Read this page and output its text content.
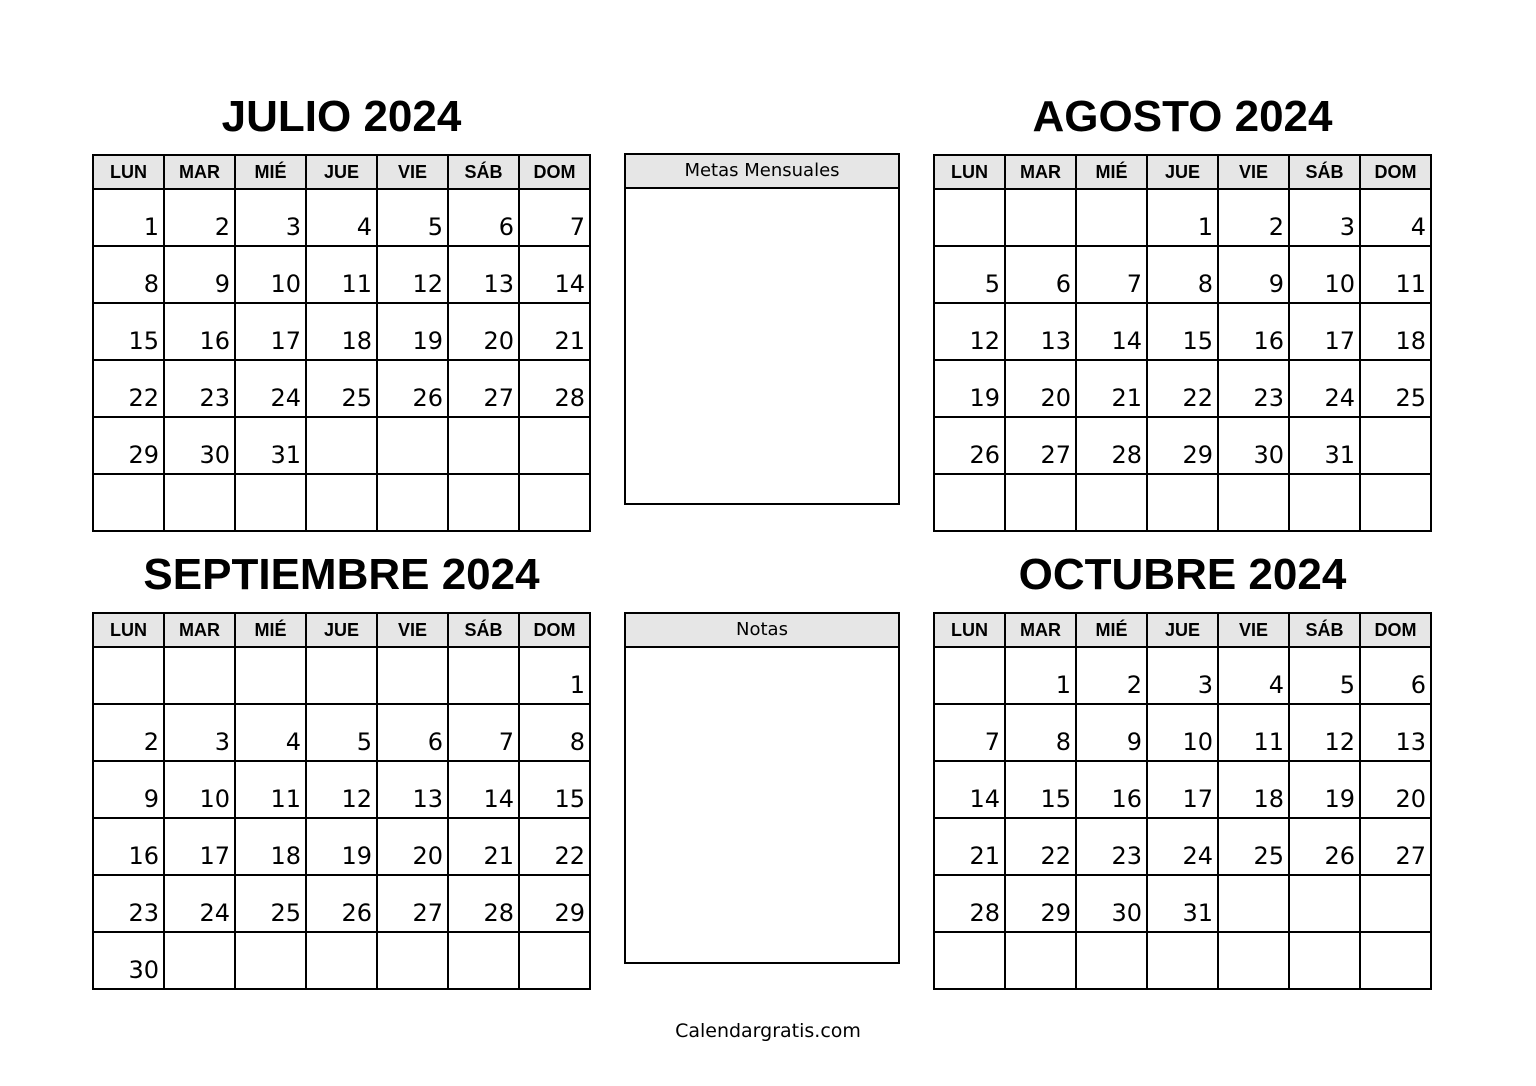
JULIO 2024	AGOSTO 2024
SEPTIEMBRE 2024	OCTUBRE 2024
LUN	MAR	MIÉ	JUE	VIE	SÁB	DOM
1	2	3	4	5	6	7
8	9	10	11	12	13	14
15	16	17	18	19	20	21
22	23	24	25	26	27	28
29	30	31				

LUN	MAR	MIÉ	JUE	VIE	SÁB	DOM
			1	2	3	4
5	6	7	8	9	10	11
12	13	14	15	16	17	18
19	20	21	22	23	24	25
26	27	28	29	30	31	

LUN	MAR	MIÉ	JUE	VIE	SÁB	DOM
						1
2	3	4	5	6	7	8
9	10	11	12	13	14	15
16	17	18	19	20	21	22
23	24	25	26	27	28	29
30						
LUN	MAR	MIÉ	JUE	VIE	SÁB	DOM
	1	2	3	4	5	6
7	8	9	10	11	12	13
14	15	16	17	18	19	20
21	22	23	24	25	26	27
28	29	30	31			

Metas Mensuales
Notas
Calendargratis.com
